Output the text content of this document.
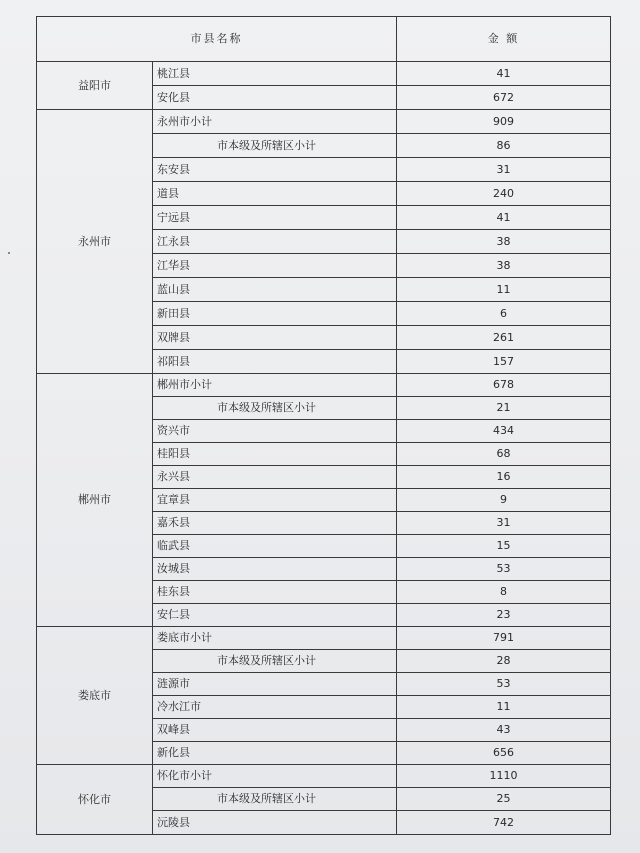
市县名称		金 额
益阳市	桃江县	41
	安化县	672
永州市	永州市小计	909
	市本级及所辖区小计	86
	东安县	31
	道县	240
	宁远县	41
	江永县	38
	江华县	38
	蓝山县	11
	新田县	6
	双牌县	261
	祁阳县	157
郴州市	郴州市小计	678
	市本级及所辖区小计	21
	资兴市	434
	桂阳县	68
	永兴县	16
	宜章县	9
	嘉禾县	31
	临武县	15
	汝城县	53
	桂东县	8
	安仁县	23
娄底市	娄底市小计	791
	市本级及所辖区小计	28
	涟源市	53
	冷水江市	11
	双峰县	43
	新化县	656
怀化市	怀化市小计	1110
	市本级及所辖区小计	25
	沅陵县	742
